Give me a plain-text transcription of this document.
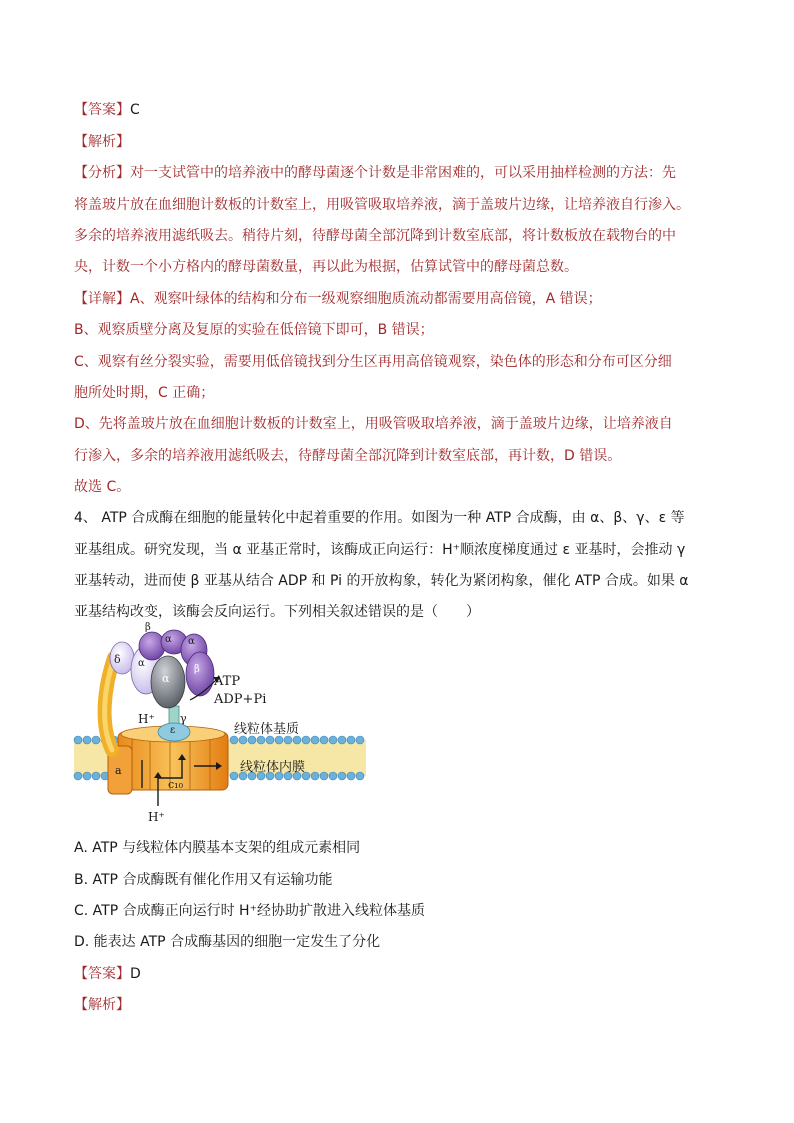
【答案】C
【解析】
【分析】对一支试管中的培养液中的酵母菌逐个计数是非常困难的，可以采用抽样检测的方法：先
将盖玻片放在血细胞计数板的计数室上，用吸管吸取培养液，滴于盖玻片边缘，让培养液自行渗入。
多余的培养液用滤纸吸去。稍待片刻，待酵母菌全部沉降到计数室底部，将计数板放在载物台的中
央，计数一个小方格内的酵母菌数量，再以此为根据，估算试管中的酵母菌总数。
【详解】A、观察叶绿体的结构和分布一级观察细胞质流动都需要用高倍镜，A 错误；
B、观察质壁分离及复原的实验在低倍镜下即可，B 错误；
C、观察有丝分裂实验，需要用低倍镜找到分生区再用高倍镜观察，染色体的形态和分布可区分细
胞所处时期，C 正确；
D、先将盖玻片放在血细胞计数板的计数室上，用吸管吸取培养液，滴于盖玻片边缘，让培养液自
行渗入，多余的培养液用滤纸吸去，待酵母菌全部沉降到计数室底部，再计数，D 错误。
故选 C。
4、 ATP 合成酶在细胞的能量转化中起着重要的作用。如图为一种 ATP 合成酶，由 α、β、γ、ε 等
亚基组成。研究发现，当 α 亚基正常时，该酶成正向运行：H⁺顺浓度梯度通过 ε 亚基时，会推动 γ
亚基转动，进而使 β 亚基从结合 ADP 和 Pi 的开放构象，转化为紧闭构象，催化 ATP 合成。如果 α
亚基结构改变，该酶会反向运行。下列相关叙述错误的是（　　）
β
α α
δ α
β
α	ATP
ADP+Pi
H⁺ γ
ε	线粒体基质
线粒体内膜
a
c₁₀
H⁺
A. ATP 与线粒体内膜基本支架的组成元素相同
B. ATP 合成酶既有催化作用又有运输功能
C. ATP 合成酶正向运行时 H⁺经协助扩散进入线粒体基质
D. 能表达 ATP 合成酶基因的细胞一定发生了分化
【答案】D
【解析】
